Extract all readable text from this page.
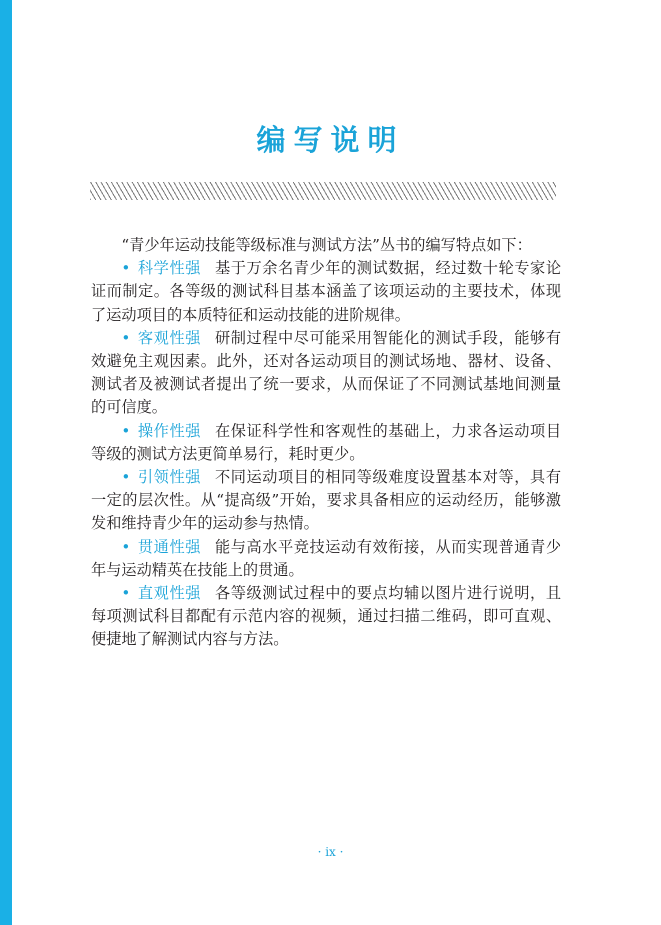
编写说明

“青少年运动技能等级标准与测试方法”丛书的编写特点如下：

• 科学性强 基于万余名青少年的测试数据，经过数十轮专家论证而制定。各等级的测试科目基本涵盖了该项运动的主要技术，体现了运动项目的本质特征和运动技能的进阶规律。

• 客观性强 研制过程中尽可能采用智能化的测试手段，能够有效避免主观因素。此外，还对各运动项目的测试场地、器材、设备、测试者及被测试者提出了统一要求，从而保证了不同测试基地间测量的可信度。

• 操作性强 在保证科学性和客观性的基础上，力求各运动项目等级的测试方法更简单易行，耗时更少。

• 引领性强 不同运动项目的相同等级难度设置基本对等，具有一定的层次性。从“提高级”开始，要求具备相应的运动经历，能够激发和维持青少年的运动参与热情。

• 贯通性强 能与高水平竞技运动有效衔接，从而实现普通青少年与运动精英在技能上的贯通。

• 直观性强 各等级测试过程中的要点均辅以图片进行说明，且每项测试科目都配有示范内容的视频，通过扫描二维码，即可直观、便捷地了解测试内容与方法。

· ix ·
